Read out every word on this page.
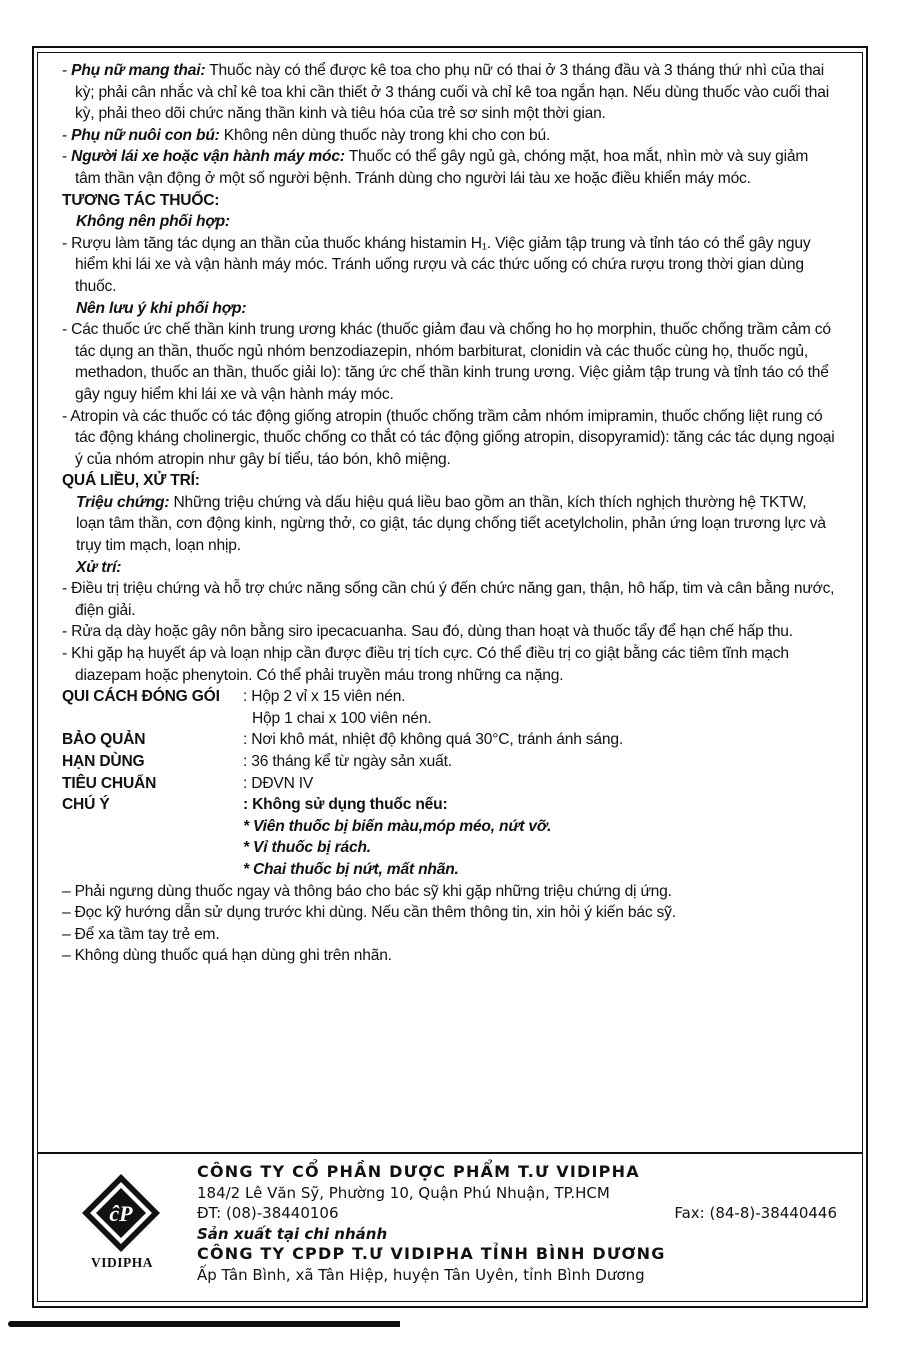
- Phụ nữ mang thai: Thuốc này có thể được kê toa cho phụ nữ có thai ở 3 tháng đầu và 3 tháng thứ nhì của thai kỳ; phải cân nhắc và chỉ kê toa khi cần thiết ở 3 tháng cuối và chỉ kê toa ngắn hạn. Nếu dùng thuốc vào cuối thai kỳ, phải theo dõi chức năng thần kinh và tiêu hóa của trẻ sơ sinh một thời gian.

- Phụ nữ nuôi con bú: Không nên dùng thuốc này trong khi cho con bú.

- Người lái xe hoặc vận hành máy móc: Thuốc có thể gây ngủ gà, chóng mặt, hoa mắt, nhìn mờ và suy giảm tâm thần vận động ở một số người bệnh. Tránh dùng cho người lái tàu xe hoặc điều khiển máy móc.

TƯƠNG TÁC THUỐC:

Không nên phối hợp:

- Rượu làm tăng tác dụng an thần của thuốc kháng histamin H₁. Việc giảm tập trung và tỉnh táo có thể gây nguy hiểm khi lái xe và vận hành máy móc. Tránh uống rượu và các thức uống có chứa rượu trong thời gian dùng thuốc.

Nên lưu ý khi phối hợp:

- Các thuốc ức chế thần kinh trung ương khác (thuốc giảm đau và chống ho họ morphin, thuốc chống trầm cảm có tác dụng an thần, thuốc ngủ nhóm benzodiazepin, nhóm barbiturat, clonidin và các thuốc cùng họ, thuốc ngủ, methadon, thuốc an thần, thuốc giải lo): tăng ức chế thần kinh trung ương. Việc giảm tập trung và tỉnh táo có thể gây nguy hiểm khi lái xe và vận hành máy móc.

- Atropin và các thuốc có tác động giống atropin (thuốc chống trầm cảm nhóm imipramin, thuốc chống liệt rung có tác động kháng cholinergic, thuốc chống co thắt có tác động giống atropin, disopyramid): tăng các tác dụng ngoại ý của nhóm atropin như gây bí tiểu, táo bón, khô miệng.

QUÁ LIỀU, XỬ TRÍ:

Triệu chứng: Những triệu chứng và dấu hiệu quá liều bao gồm an thần, kích thích nghịch thường hệ TKTW, loạn tâm thần, cơn động kinh, ngừng thở, co giật, tác dụng chống tiết acetylcholin, phản ứng loạn trương lực và trụy tim mạch, loạn nhịp.

Xử trí:

- Điều trị triệu chứng và hỗ trợ chức năng sống cần chú ý đến chức năng gan, thận, hô hấp, tim và cân bằng nước, điện giải.

- Rửa dạ dày hoặc gây nôn bằng siro ipecacuanha. Sau đó, dùng than hoạt và thuốc tẩy để hạn chế hấp thu.

- Khi gặp hạ huyết áp và loạn nhịp cần được điều trị tích cực. Có thể điều trị co giật bằng các tiêm tĩnh mạch diazepam hoặc phenytoin. Có thể phải truyền máu trong những ca nặng.

QUI CÁCH ĐÓNG GÓI	: Hộp 2 vỉ x 15 viên nén.
Hộp 1 chai x 100 viên nén.
BẢO QUẢN	: Nơi khô mát, nhiệt độ không quá 30°C, tránh ánh sáng.
HẠN DÙNG	: 36 tháng kể từ ngày sản xuất.
TIÊU CHUẨN	: DĐVN IV
CHÚ Ý	: Không sử dụng thuốc nếu:
* Viên thuốc bị biến màu,móp méo, nứt vỡ.
* Vỉ thuốc bị rách.
* Chai thuốc bị nứt, mất nhãn.

– Phải ngưng dùng thuốc ngay và thông báo cho bác sỹ khi gặp những triệu chứng dị ứng.

– Đọc kỹ hướng dẫn sử dụng trước khi dùng. Nếu cần thêm thông tin, xin hỏi ý kiến bác sỹ.

– Để xa tầm tay trẻ em.

– Không dùng thuốc quá hạn dùng ghi trên nhãn.

ĉP
VIDIPHA
CÔNG TY CỔ PHẦN DƯỢC PHẨM T.Ư VIDIPHA
184/2 Lê Văn Sỹ, Phường 10, Quận Phú Nhuận, TP.HCM
ĐT: (08)-38440106	Fax: (84-8)-38440446
Sản xuất tại chi nhánh
CÔNG TY CPDP T.Ư VIDIPHA TỈNH BÌNH DƯƠNG
Ấp Tân Bình, xã Tân Hiệp, huyện Tân Uyên, tỉnh Bình Dương
